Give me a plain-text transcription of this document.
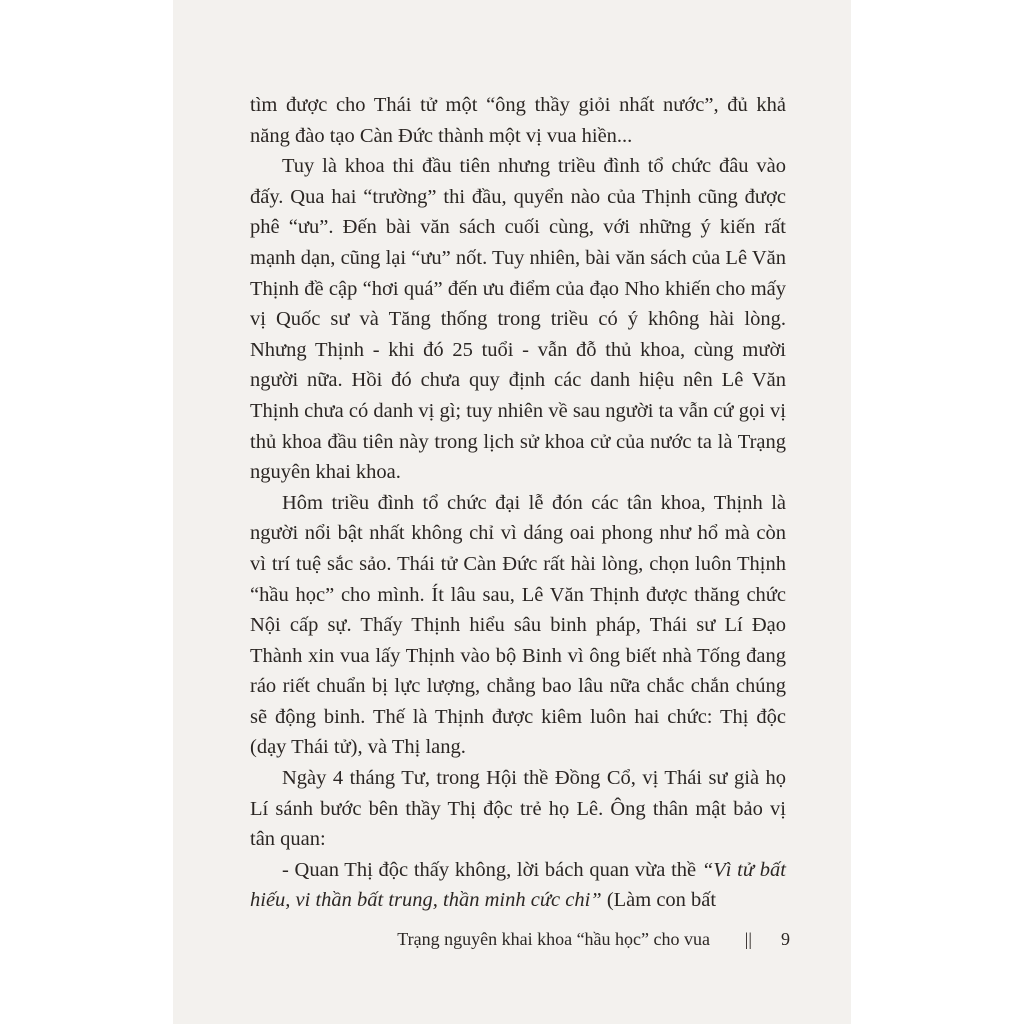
tìm được cho Thái tử một “ông thầy giỏi nhất nước”, đủ khả năng đào tạo Càn Đức thành một vị vua hiền...

Tuy là khoa thi đầu tiên nhưng triều đình tổ chức đâu vào đấy. Qua hai “trường” thi đầu, quyển nào của Thịnh cũng được phê “ưu”. Đến bài văn sách cuối cùng, với những ý kiến rất mạnh dạn, cũng lại “ưu” nốt. Tuy nhiên, bài văn sách của Lê Văn Thịnh đề cập “hơi quá” đến ưu điểm của đạo Nho khiến cho mấy vị Quốc sư và Tăng thống trong triều có ý không hài lòng. Nhưng Thịnh - khi đó 25 tuổi - vẫn đỗ thủ khoa, cùng mười người nữa. Hồi đó chưa quy định các danh hiệu nên Lê Văn Thịnh chưa có danh vị gì; tuy nhiên về sau người ta vẫn cứ gọi vị thủ khoa đầu tiên này trong lịch sử khoa cử của nước ta là Trạng nguyên khai khoa.

Hôm triều đình tổ chức đại lễ đón các tân khoa, Thịnh là người nổi bật nhất không chỉ vì dáng oai phong như hổ mà còn vì trí tuệ sắc sảo. Thái tử Càn Đức rất hài lòng, chọn luôn Thịnh “hầu học” cho mình. Ít lâu sau, Lê Văn Thịnh được thăng chức Nội cấp sự. Thấy Thịnh hiểu sâu binh pháp, Thái sư Lí Đạo Thành xin vua lấy Thịnh vào bộ Binh vì ông biết nhà Tống đang ráo riết chuẩn bị lực lượng, chẳng bao lâu nữa chắc chắn chúng sẽ động binh. Thế là Thịnh được kiêm luôn hai chức: Thị độc (dạy Thái tử), và Thị lang.

Ngày 4 tháng Tư, trong Hội thề Đồng Cổ, vị Thái sư già họ Lí sánh bước bên thầy Thị độc trẻ họ Lê. Ông thân mật bảo vị tân quan:

- Quan Thị độc thấy không, lời bách quan vừa thề “Vì tử bất hiếu, vi thần bất trung, thần minh cức chi” (Làm con bất

Trạng nguyên khai khoa “hầu học” cho vua || 9
